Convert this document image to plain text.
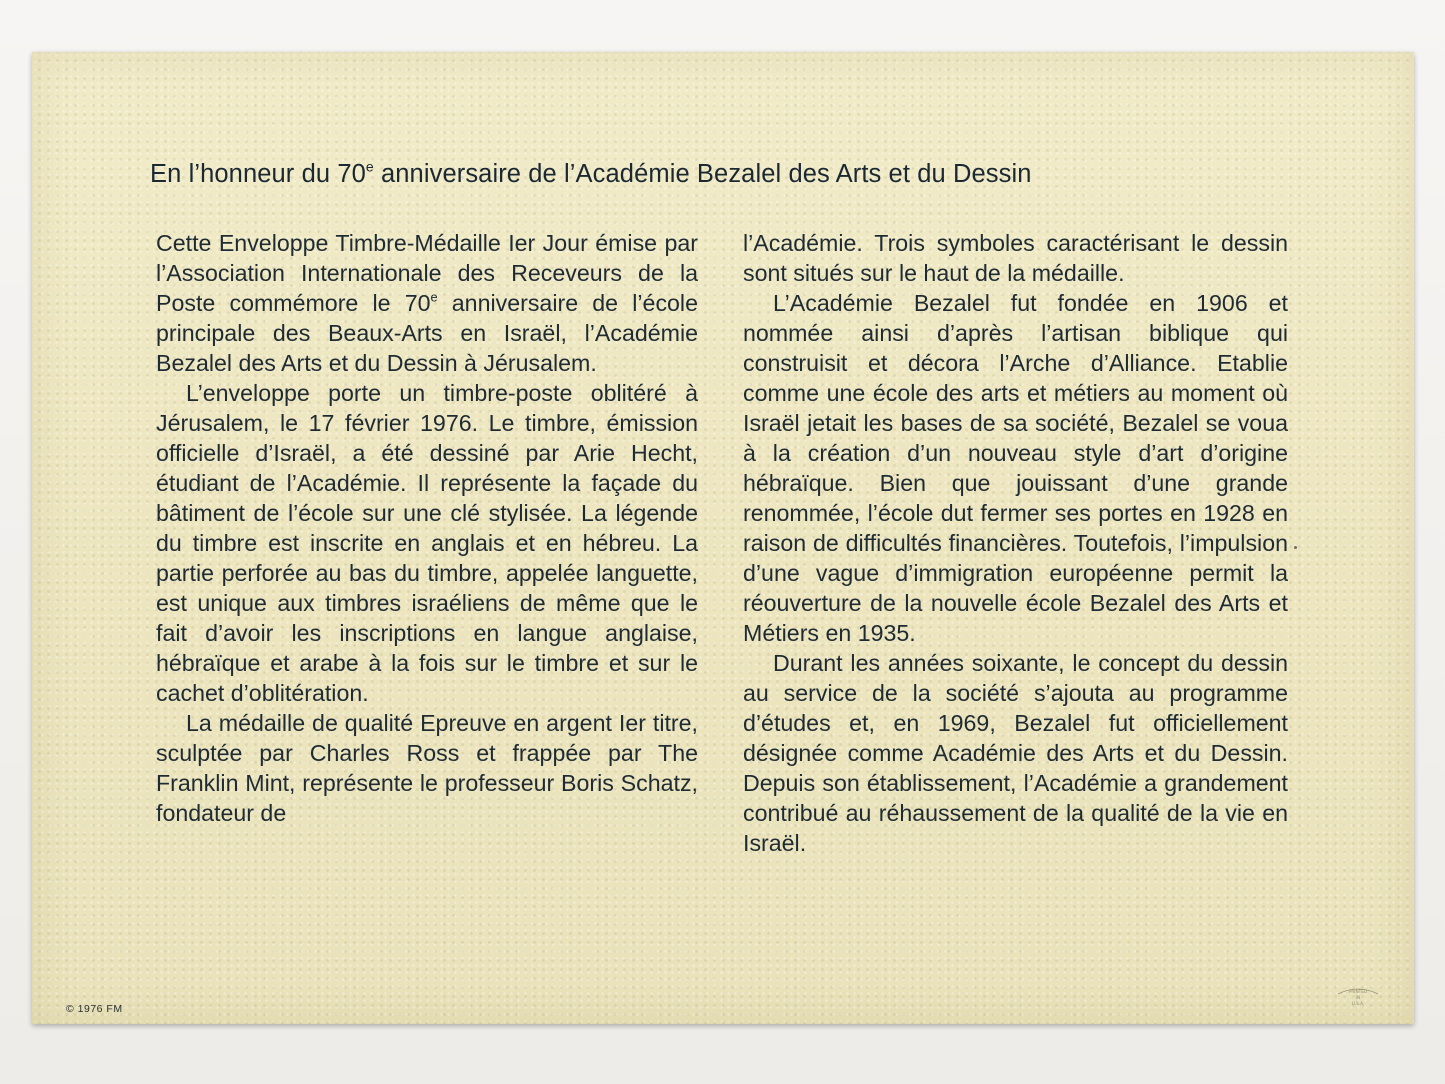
En l’honneur du 70e anniversaire de l’Académie Bezalel des Arts et du Dessin

Cette Enveloppe Timbre-Médaille Ier Jour émise par l’Association Internationale des Receveurs de la Poste commémore le 70e anniversaire de l’école principale des Beaux-Arts en Israël, l’Académie Bezalel des Arts et du Dessin à Jérusalem.

L’enveloppe porte un timbre-poste oblitéré à Jérusalem, le 17 février 1976. Le timbre, émission officielle d’Israël, a été dessiné par Arie Hecht, étudiant de l’Académie. Il représente la façade du bâtiment de l’école sur une clé stylisée. La légende du timbre est inscrite en anglais et en hébreu. La partie perforée au bas du timbre, appelée languette, est unique aux timbres israéliens de même que le fait d’avoir les inscriptions en langue anglaise, hébraïque et arabe à la fois sur le timbre et sur le cachet d’oblitération.

La médaille de qualité Epreuve en argent Ier titre, sculptée par Charles Ross et frappée par The Franklin Mint, représente le professeur Boris Schatz, fondateur de

l’Académie. Trois symboles caractérisant le dessin sont situés sur le haut de la médaille.

L’Académie Bezalel fut fondée en 1906 et nommée ainsi d’après l’artisan biblique qui construisit et décora l’Arche d’Alliance. Etablie comme une école des arts et métiers au moment où Israël jetait les bases de sa société, Bezalel se voua à la création d’un nouveau style d’art d’origine hébraïque. Bien que jouissant d’une grande renommée, l’école dut fermer ses portes en 1928 en raison de difficultés financières. Toutefois, l’impulsion d’une vague d’immigration européenne permit la réouverture de la nouvelle école Bezalel des Arts et Métiers en 1935.

Durant les années soixante, le concept du dessin au service de la société s’ajouta au programme d’études et, en 1969, Bezalel fut officiellement désignée comme Académie des Arts et du Dessin. Depuis son établissement, l’Académie a grandement contribué au réhaussement de la qualité de la vie en Israël.

© 1976 FM
PRINTED
IN
U.S.A.
